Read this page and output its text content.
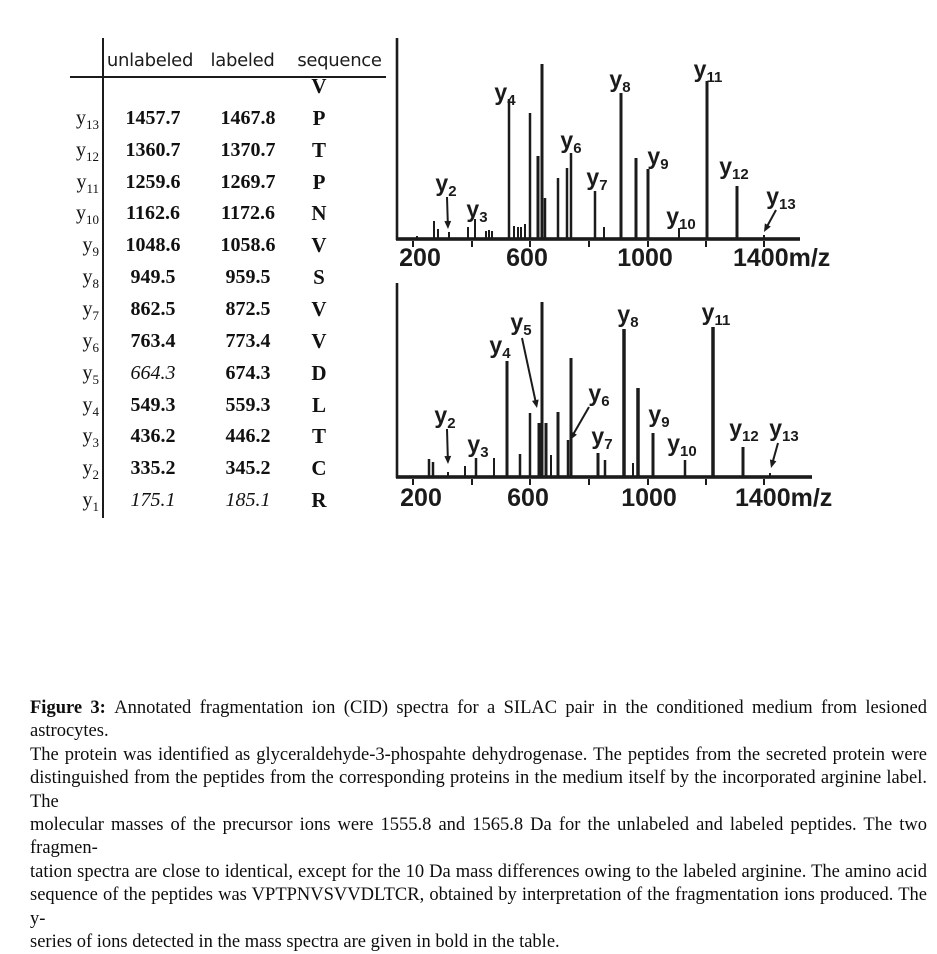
unlabeled labeled	sequence
V
$y_{13}$	1457.7	1467.8	P
$y_{12}$	1360.7	1370.7	T
$y_{11}$	1259.6	1269.7	P
$y_{10}$	1162.6	1172.6	N
$y_9$	1048.6	1058.6	V
$y_8$	949.5	959.5	S
$y_7$	862.5	872.5	V
$y_6$	763.4	773.4	V
$y_5$	664.3	674.3	D
$y_4$	549.3	559.3	L
$y_3$	436.2	446.2	T
$y_2$	335.2	345.2	C
$y_1$	175.1	185.1	R
200	600	1000 1400m/z
$y_2$
$y_3$
$y_4$
$y_6$
$y_7$
$y_8$
$y_9$
$y_{10}$
$y_{11}$
$y_{12}$
$y_{13}$
200	600	1000 1400m/z
$y_2$
$y_3$
$y_4$
$y_5$
$y_6$
$y_7$
$y_8$
$y_9$
$y_{10}$
$y_{11}$
$y_{12}$ $y_{13}$
Figure 3: Annotated fragmentation ion (CID) spectra for a SILAC pair in the conditioned medium from lesioned astrocytes.
The protein was identified as glyceraldehyde-3-phospahte dehydrogenase. The peptides from the secreted protein were
distinguished from the peptides from the corresponding proteins in the medium itself by the incorporated arginine label. The
molecular masses of the precursor ions were 1555.8 and 1565.8 Da for the unlabeled and labeled peptides. The two fragmen-
tation spectra are close to identical, except for the 10 Da mass differences owing to the labeled arginine. The amino acid
sequence of the peptides was VPTPNVSVVDLTCR, obtained by interpretation of the fragmentation ions produced. The y-
series of ions detected in the mass spectra are given in bold in the table.
